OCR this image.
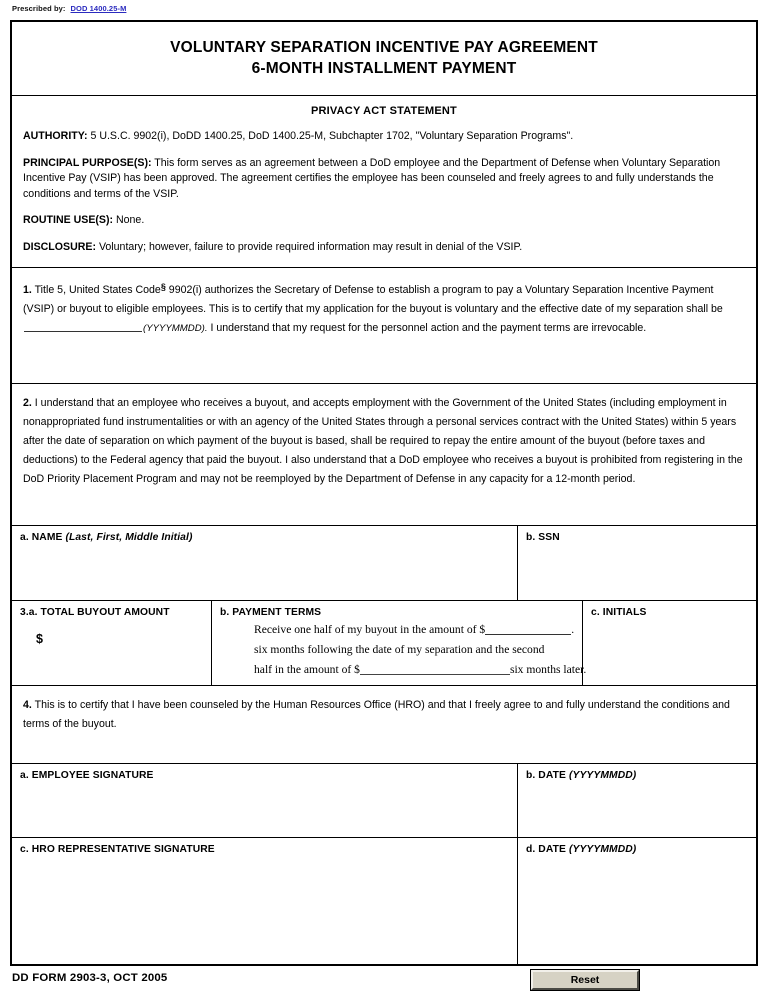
Prescribed by: DOD 1400.25-M
VOLUNTARY SEPARATION INCENTIVE PAY AGREEMENT
6-MONTH INSTALLMENT PAYMENT
PRIVACY ACT STATEMENT

AUTHORITY: 5 U.S.C. 9902(i), DoDD 1400.25, DoD 1400.25-M, Subchapter 1702, "Voluntary Separation Programs".

PRINCIPAL PURPOSE(S): This form serves as an agreement between a DoD employee and the Department of Defense when Voluntary Separation Incentive Pay (VSIP) has been approved. The agreement certifies the employee has been counseled and freely agrees to and fully understands the conditions and terms of the VSIP.

ROUTINE USE(S): None.

DISCLOSURE: Voluntary; however, failure to provide required information may result in denial of the VSIP.

1. Title 5, United States Code§ 9902(i) authorizes the Secretary of Defense to establish a program to pay a Voluntary Separation Incentive Payment (VSIP) or buyout to eligible employees. This is to certify that my application for the buyout is voluntary and the effective date of my separation shall be (YYYYMMDD). I understand that my request for the personnel action and the payment terms are irrevocable.
2. I understand that an employee who receives a buyout, and accepts employment with the Government of the United States (including employment in nonappropriated fund instrumentalities or with an agency of the United States through a personal services contract with the United States) within 5 years after the date of separation on which payment of the buyout is based, shall be required to repay the entire amount of the buyout (before taxes and deductions) to the Federal agency that paid the buyout. I also understand that a DoD employee who receives a buyout is prohibited from registering in the DoD Priority Placement Program and may not be reemployed by the Department of Defense in any capacity for a 12-month period.
a. NAME (Last, First, Middle Initial)	b. SSN
3.a. TOTAL BUYOUT AMOUNT
$
b. PAYMENT TERMS
Receive one half of my buyout in the amount of $	.
six months following the date of my separation and the second
half in the amount of $	six months later.
c. INITIALS
4. This is to certify that I have been counseled by the Human Resources Office (HRO) and that I freely agree to and fully understand the conditions and terms of the buyout.
a. EMPLOYEE SIGNATURE	b. DATE (YYYYMMDD)
c. HRO REPRESENTATIVE SIGNATURE	d. DATE (YYYYMMDD)
DD FORM 2903-3, OCT 2005	Reset
